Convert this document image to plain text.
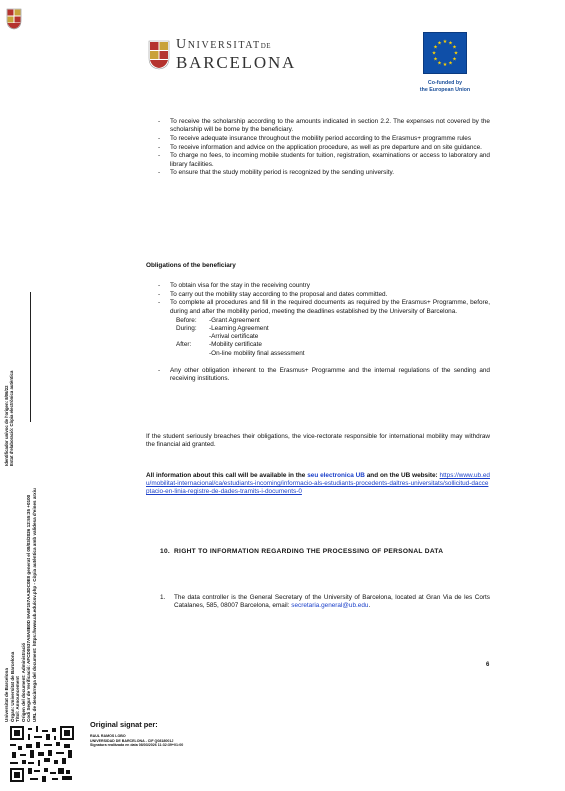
UniversitatDE
BARCELONA
★ ★
★
★
★
★
★
★
★
★
★
★
Co-funded by
the European Union
Identificador univoc de l'origen: 8/06/22 Estat d'elaboració: Còpia electrònica autèntica
Universitat de Barcelona Òrgan: Universitat de Barcelona Títol: Announcement Origen del document: Administració Codi Segur de Verificació: AFCD0537A8A8B0D 9A6F157AA3DC0E8 generat el 08/03/2026 12:55:35 +0100 URL de descàrrega del document: https://www.ub.edu/csv.php - Còpia autèntica amb validesa d'eines arxiu
- To receive the scholarship according to the amounts indicated in section 2.2. The expenses not covered by the scholarship will be borne by the beneficiary.
- To receive adequate insurance throughout the mobility period according to the Erasmus+ programme rules
- To receive information and advice on the application procedure, as well as pre departure and on site guidance.
- To charge no fees, to incoming mobile students for tuition, registration, examinations or access to laboratory and library facilities.
- To ensure that the study mobility period is recognized by the sending university.
Obligations of the beneficiary
- To obtain visa for the stay in the receiving country
- To carry out the mobility stay according to the proposal and dates committed.
- To complete all procedures and fill in the required documents as required by the Erasmus+ Programme, before, during and after the mobility period, meeting the deadlines established by the University of Barcelona.
Before:	-Grant Agreement
During:	-Learning Agreement
-Arrival certificate
After:	-Mobility certificate
-On-line mobility final assessment
- Any other obligation inherent to the Erasmus+ Programme and the internal regulations of the sending and receiving institutions.
If the student seriously breaches their obligations, the vice-rectorate responsible for international mobility may withdraw the financial aid granted.
All information about this call will be available in the seu electronica UB and on the UB website: https://www.ub.edu/mobilitat-internacional/ca/estudiants-incoming/informacio-als-estudiants-procedents-daltres-universitats/sollicitud-dacceptacio-en-linia-registre-de-dades-tramits-i-documents-0
10. RIGHT TO INFORMATION REGARDING THE PROCESSING OF PERSONAL DATA
1. The data controller is the General Secretary of the University of Barcelona, located at Gran Via de les Corts Catalanes, 585, 08007 Barcelona, email: secretaria.general@ub.edu.
6
Original signat per:
RAUL RAMOS LOBO
UNIVERSIDAD DE BARCELONA - CIF Q0818001J
Signatura realitzada en data 08/03/2026 11:32:39+01:00
